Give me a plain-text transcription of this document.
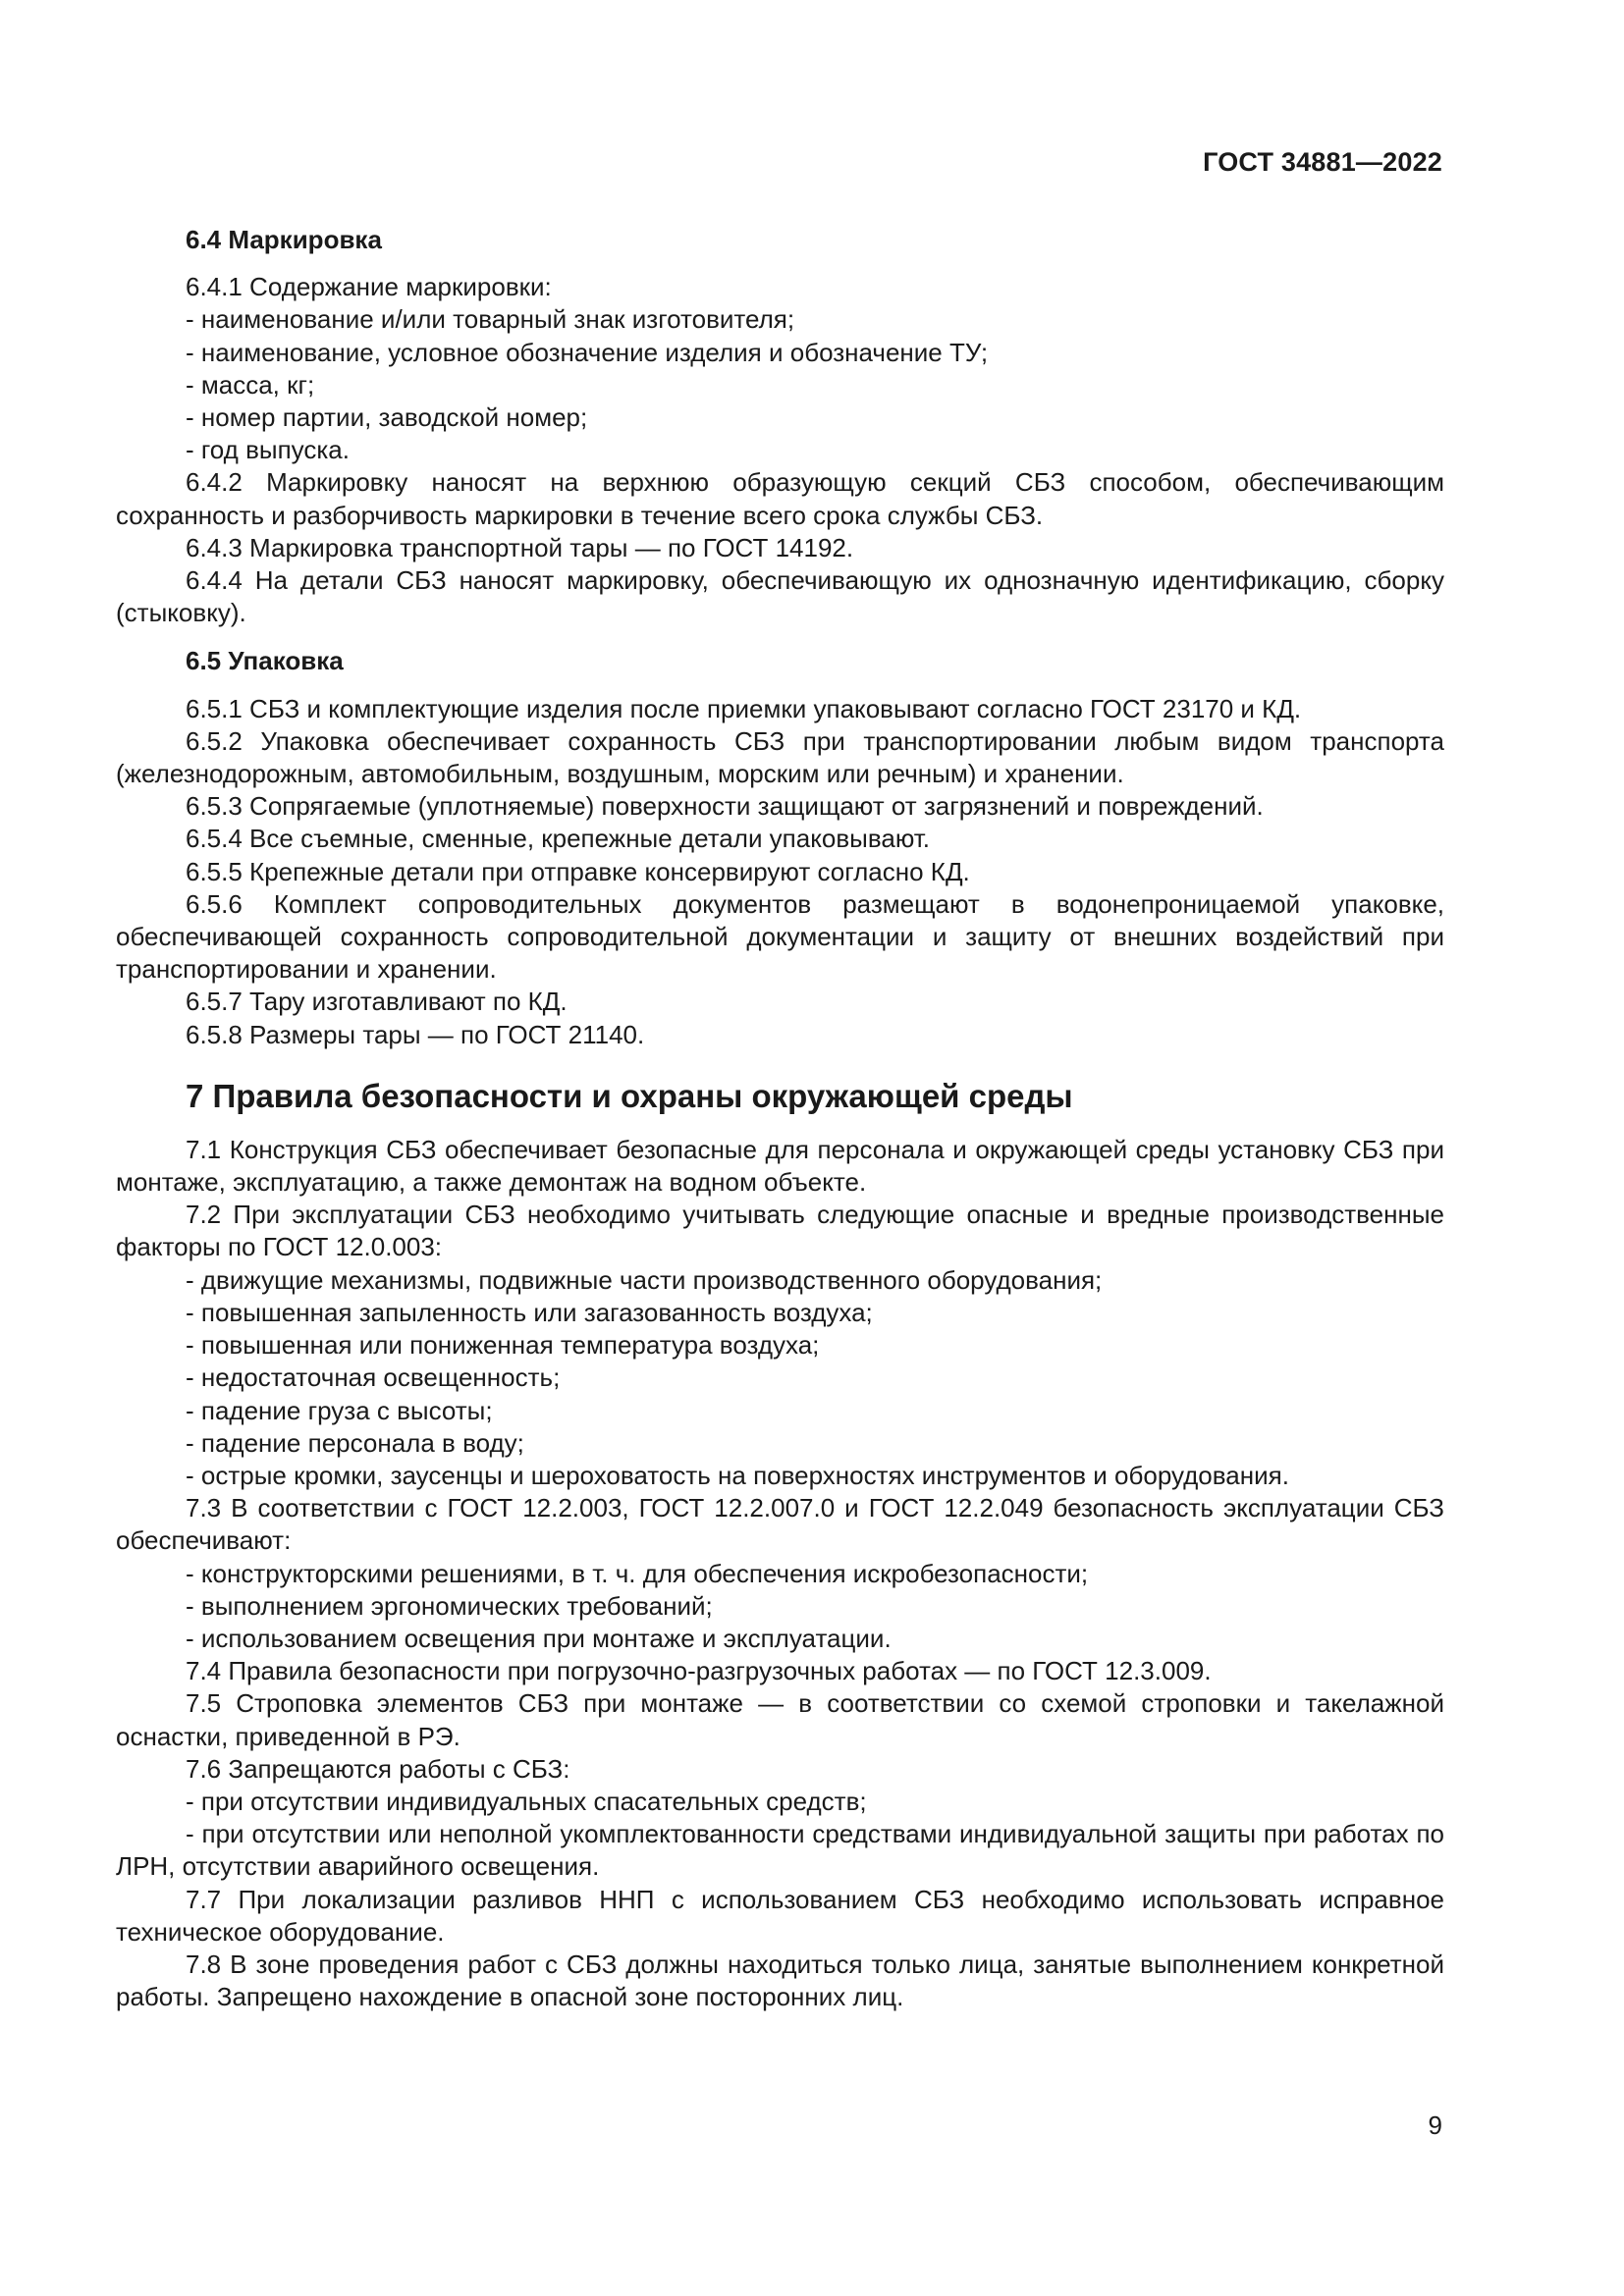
ГОСТ 34881—2022

6.4 Маркировка

6.4.1 Содержание маркировки:

- наименование и/или товарный знак изготовителя;

- наименование, условное обозначение изделия и обозначение ТУ;

- масса, кг;

- номер партии, заводской номер;

- год выпуска.

6.4.2 Маркировку наносят на верхнюю образующую секций СБЗ способом, обеспечивающим сохранность и разборчивость маркировки в течение всего срока службы СБЗ.

6.4.3 Маркировка транспортной тары — по ГОСТ 14192.

6.4.4 На детали СБЗ наносят маркировку, обеспечивающую их однозначную идентификацию, сборку (стыковку).

6.5 Упаковка

6.5.1 СБЗ и комплектующие изделия после приемки упаковывают согласно ГОСТ 23170 и КД.

6.5.2 Упаковка обеспечивает сохранность СБЗ при транспортировании любым видом транспорта (железнодорожным, автомобильным, воздушным, морским или речным) и хранении.

6.5.3 Сопрягаемые (уплотняемые) поверхности защищают от загрязнений и повреждений.

6.5.4 Все съемные, сменные, крепежные детали упаковывают.

6.5.5 Крепежные детали при отправке консервируют согласно КД.

6.5.6 Комплект сопроводительных документов размещают в водонепроницаемой упаковке, обеспечивающей сохранность сопроводительной документации и защиту от внешних воздействий при транспортировании и хранении.

6.5.7 Тару изготавливают по КД.

6.5.8 Размеры тары — по ГОСТ 21140.

7 Правила безопасности и охраны окружающей среды

7.1 Конструкция СБЗ обеспечивает безопасные для персонала и окружающей среды установку СБЗ при монтаже, эксплуатацию, а также демонтаж на водном объекте.

7.2 При эксплуатации СБЗ необходимо учитывать следующие опасные и вредные производственные факторы по ГОСТ 12.0.003:

- движущие механизмы, подвижные части производственного оборудования;

- повышенная запыленность или загазованность воздуха;

- повышенная или пониженная температура воздуха;

- недостаточная освещенность;

- падение груза с высоты;

- падение персонала в воду;

- острые кромки, заусенцы и шероховатость на поверхностях инструментов и оборудования.

7.3 В соответствии с ГОСТ 12.2.003, ГОСТ 12.2.007.0 и ГОСТ 12.2.049 безопасность эксплуатации СБЗ обеспечивают:

- конструкторскими решениями, в т. ч. для обеспечения искробезопасности;

- выполнением эргономических требований;

- использованием освещения при монтаже и эксплуатации.

7.4 Правила безопасности при погрузочно-разгрузочных работах — по ГОСТ 12.3.009.

7.5 Строповка элементов СБЗ при монтаже — в соответствии со схемой строповки и такелажной оснастки, приведенной в РЭ.

7.6 Запрещаются работы с СБЗ:

- при отсутствии индивидуальных спасательных средств;

- при отсутствии или неполной укомплектованности средствами индивидуальной защиты при работах по ЛРН, отсутствии аварийного освещения.

7.7 При локализации разливов ННП с использованием СБЗ необходимо использовать исправное техническое оборудование.

7.8 В зоне проведения работ с СБЗ должны находиться только лица, занятые выполнением конкретной работы. Запрещено нахождение в опасной зоне посторонних лиц.

9
